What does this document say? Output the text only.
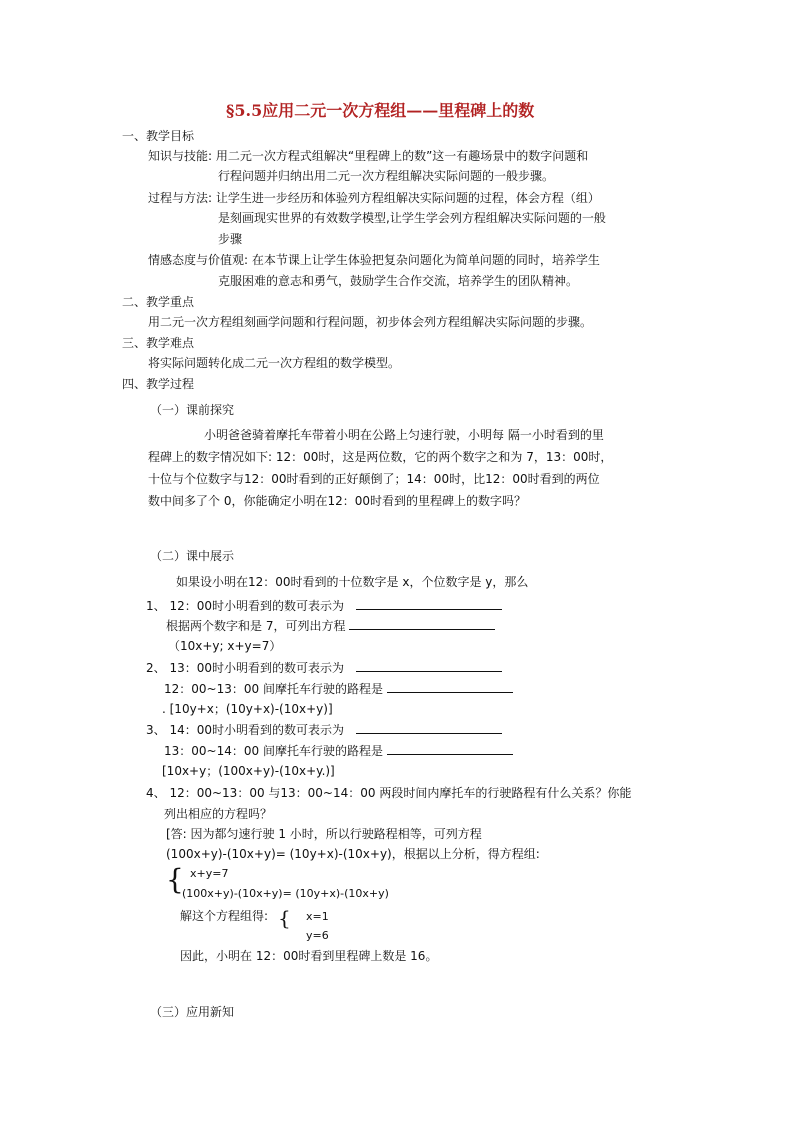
§5.5应用二元一次方程组——里程碑上的数
一、教学目标
知识与技能: 用二元一次方程式组解决“里程碑上的数”这一有趣场景中的数字问题和
行程问题并归纳出用二元一次方程组解决实际问题的一般步骤。
过程与方法: 让学生进一步经历和体验列方程组解决实际问题的过程，体会方程（组）
是刻画现实世界的有效数学模型,让学生学会列方程组解决实际问题的一般
步骤
情感态度与价值观: 在本节课上让学生体验把复杂问题化为简单问题的同时，培养学生
克服困难的意志和勇气，鼓励学生合作交流，培养学生的团队精神。
二、教学重点
用二元一次方程组刻画学问题和行程问题，初步体会列方程组解决实际问题的步骤。
三、教学难点
将实际问题转化成二元一次方程组的数学模型。
四、教学过程
（一）课前探究
小明爸爸骑着摩托车带着小明在公路上匀速行驶，小明每 隔一小时看到的里
程碑上的数字情况如下: 12：00时，这是两位数，它的两个数字之和为 7，13：00时，
十位与个位数字与12：00时看到的正好颠倒了；14：00时，比12：00时看到的两位
数中间多了个 0，你能确定小明在12：00时看到的里程碑上的数字吗？
（二）课中展示
如果设小明在12：00时看到的十位数字是 x，个位数字是 y，那么
1、 12：00时小明看到的数可表示为
根据两个数字和是 7，可列出方程
（10x+y; x+y=7）
2、 13：00时小明看到的数可表示为
12：00~13：00 间摩托车行驶的路程是
. [10y+x；(10y+x)-(10x+y)]
3、 14：00时小明看到的数可表示为
13：00~14：00 间摩托车行驶的路程是
[10x+y；(100x+y)-(10x+y.)]
4、 12：00~13：00 与13：00~14：00 两段时间内摩托车的行驶路程有什么关系？你能
列出相应的方程吗？
[答: 因为都匀速行驶 1 小时，所以行驶路程相等，可列方程
(100x+y)-(10x+y)= (10y+x)-(10x+y)，根据以上分析，得方程组:
{ x+y=7
(100x+y)-(10x+y)= (10y+x)-(10x+y)
解这个方程组得: { x=1
y=6
因此，小明在 12：00时看到里程碑上数是 16。
（三）应用新知
